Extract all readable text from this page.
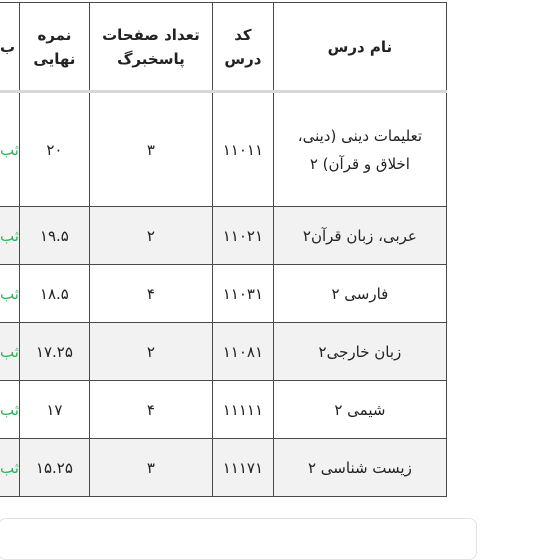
نام درس	کد درس	تعداد صفحات پاسخبرگ	نمره نهایی	ب
تعلیمات دینی (دینی، اخلاق و قرآن) ۲	۱۱۰۱۱	۳	۲۰	ثب
عربی، زبان قرآن۲	۱۱۰۲۱	۲	۱۹.۵	ثب
فارسی ۲	۱۱۰۳۱	۴	۱۸.۵	ثب
زبان خارجی۲	۱۱۰۸۱	۲	۱۷.۲۵	ثب
شیمی ۲	۱۱۱۱۱	۴	۱۷	ثب
زیست شناسی ۲	۱۱۱۷۱	۳	۱۵.۲۵	ثب
